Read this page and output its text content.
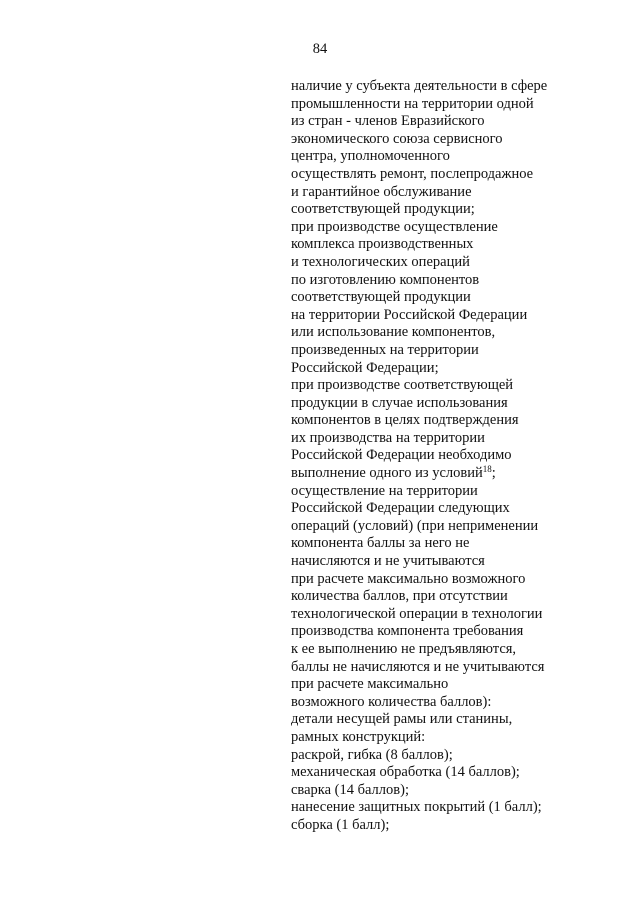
84
наличие у субъекта деятельности в сфере
промышленности на территории одной
из стран - членов Евразийского
экономического союза сервисного
центра, уполномоченного
осуществлять ремонт, послепродажное
и гарантийное обслуживание
соответствующей продукции;
при производстве осуществление
комплекса производственных
и технологических операций
по изготовлению компонентов
соответствующей продукции
на территории Российской Федерации
или использование компонентов,
произведенных на территории
Российской Федерации;
при производстве соответствующей
продукции в случае использования
компонентов в целях подтверждения
их производства на территории
Российской Федерации необходимо
выполнение одного из условий$^{18}$;
осуществление на территории
Российской Федерации следующих
операций (условий) (при неприменении
компонента баллы за него не
начисляются и не учитываются
при расчете максимально возможного
количества баллов, при отсутствии
технологической операции в технологии
производства компонента требования
к ее выполнению не предъявляются,
баллы не начисляются и не учитываются
при расчете максимально
возможного количества баллов):
детали несущей рамы или станины,
рамных конструкций:
раскрой, гибка (8 баллов);
механическая обработка (14 баллов);
сварка (14 баллов);
нанесение защитных покрытий (1 балл);
сборка (1 балл);
